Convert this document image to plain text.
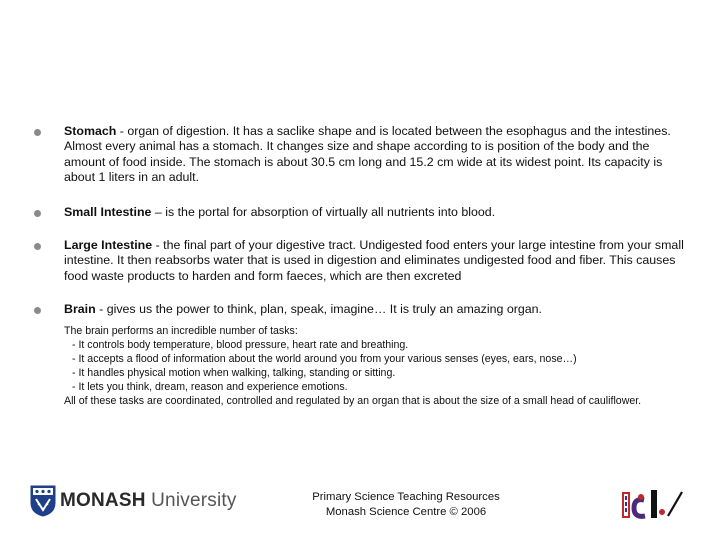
Stomach - organ of digestion. It has a saclike shape and is located between the esophagus and the intestines. Almost every animal has a stomach. It changes size and shape according to is position of the body and the amount of food inside. The stomach is about 30.5 cm long and 15.2 cm wide at its widest point. Its capacity is about 1 liters in an adult.
Small Intestine – is the portal for absorption of virtually all nutrients into blood.
Large Intestine - the final part of your digestive tract. Undigested food enters your large intestine from your small intestine. It then reabsorbs water that is used in digestion and eliminates undigested food and fiber. This causes food waste products to harden and form faeces, which are then excreted
Brain - gives us the power to think, plan, speak, imagine… It is truly an amazing organ.
The brain performs an incredible number of tasks:
- It controls body temperature, blood pressure, heart rate and breathing.
- It accepts a flood of information about the world around you from your various senses (eyes, ears, nose…)
- It handles physical motion when walking, talking, standing or sitting.
- It lets you think, dream, reason and experience emotions.
All of these tasks are coordinated, controlled and regulated by an organ that is about the size of a small head of cauliflower.
MONASH University	Primary Science Teaching Resources
Monash Science Centre © 2006
